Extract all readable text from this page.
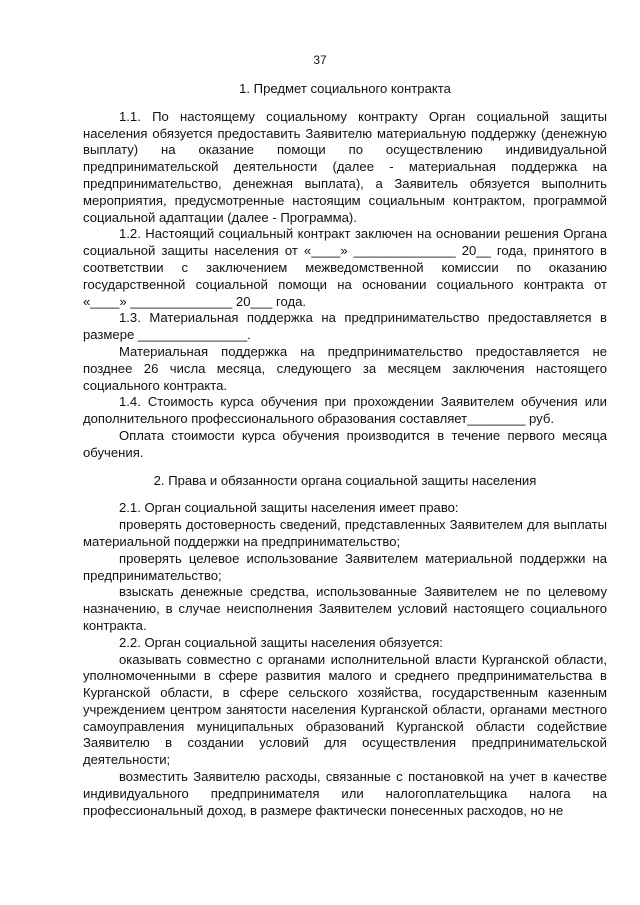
37

1. Предмет социального контракта

1.1. По настоящему социальному контракту Орган социальной защиты населения обязуется предоставить Заявителю материальную поддержку (денежную выплату) на оказание помощи по осуществлению индивидуальной предпринимательской деятельности (далее - материальная поддержка на предпринимательство, денежная выплата), а Заявитель обязуется выполнить мероприятия, предусмотренные настоящим социальным контрактом, программой социальной адаптации (далее - Программа).

1.2. Настоящий социальный контракт заключен на основании решения Органа социальной защиты населения от «____» ______________ 20__ года, принятого в соответствии с заключением межведомственной комиссии по оказанию государственной социальной помощи на основании социального контракта от «____» ______________ 20___ года.

1.3. Материальная поддержка на предпринимательство предоставляется в размере _______________.

Материальная поддержка на предпринимательство предоставляется не позднее 26 числа месяца, следующего за месяцем заключения настоящего социального контракта.

1.4. Стоимость курса обучения при прохождении Заявителем обучения или дополнительного профессионального образования составляет________ руб.

Оплата стоимости курса обучения производится в течение первого месяца обучения.

2. Права и обязанности органа социальной защиты населения

2.1. Орган социальной защиты населения имеет право:

проверять достоверность сведений, представленных Заявителем для выплаты материальной поддержки на предпринимательство;

проверять целевое использование Заявителем материальной поддержки на предпринимательство;

взыскать денежные средства, использованные Заявителем не по целевому назначению, в случае неисполнения Заявителем условий настоящего социального контракта.

2.2. Орган социальной защиты населения обязуется:

оказывать совместно с органами исполнительной власти Курганской области, уполномоченными в сфере развития малого и среднего предпринимательства в Курганской области, в сфере сельского хозяйства, государственным казенным учреждением центром занятости населения Курганской области, органами местного самоуправления муниципальных образований Курганской области содействие Заявителю в создании условий для осуществления предпринимательской деятельности;

возместить Заявителю расходы, связанные с постановкой на учет в качестве индивидуального предпринимателя или налогоплательщика налога на профессиональный доход, в размере фактически понесенных расходов, но не
